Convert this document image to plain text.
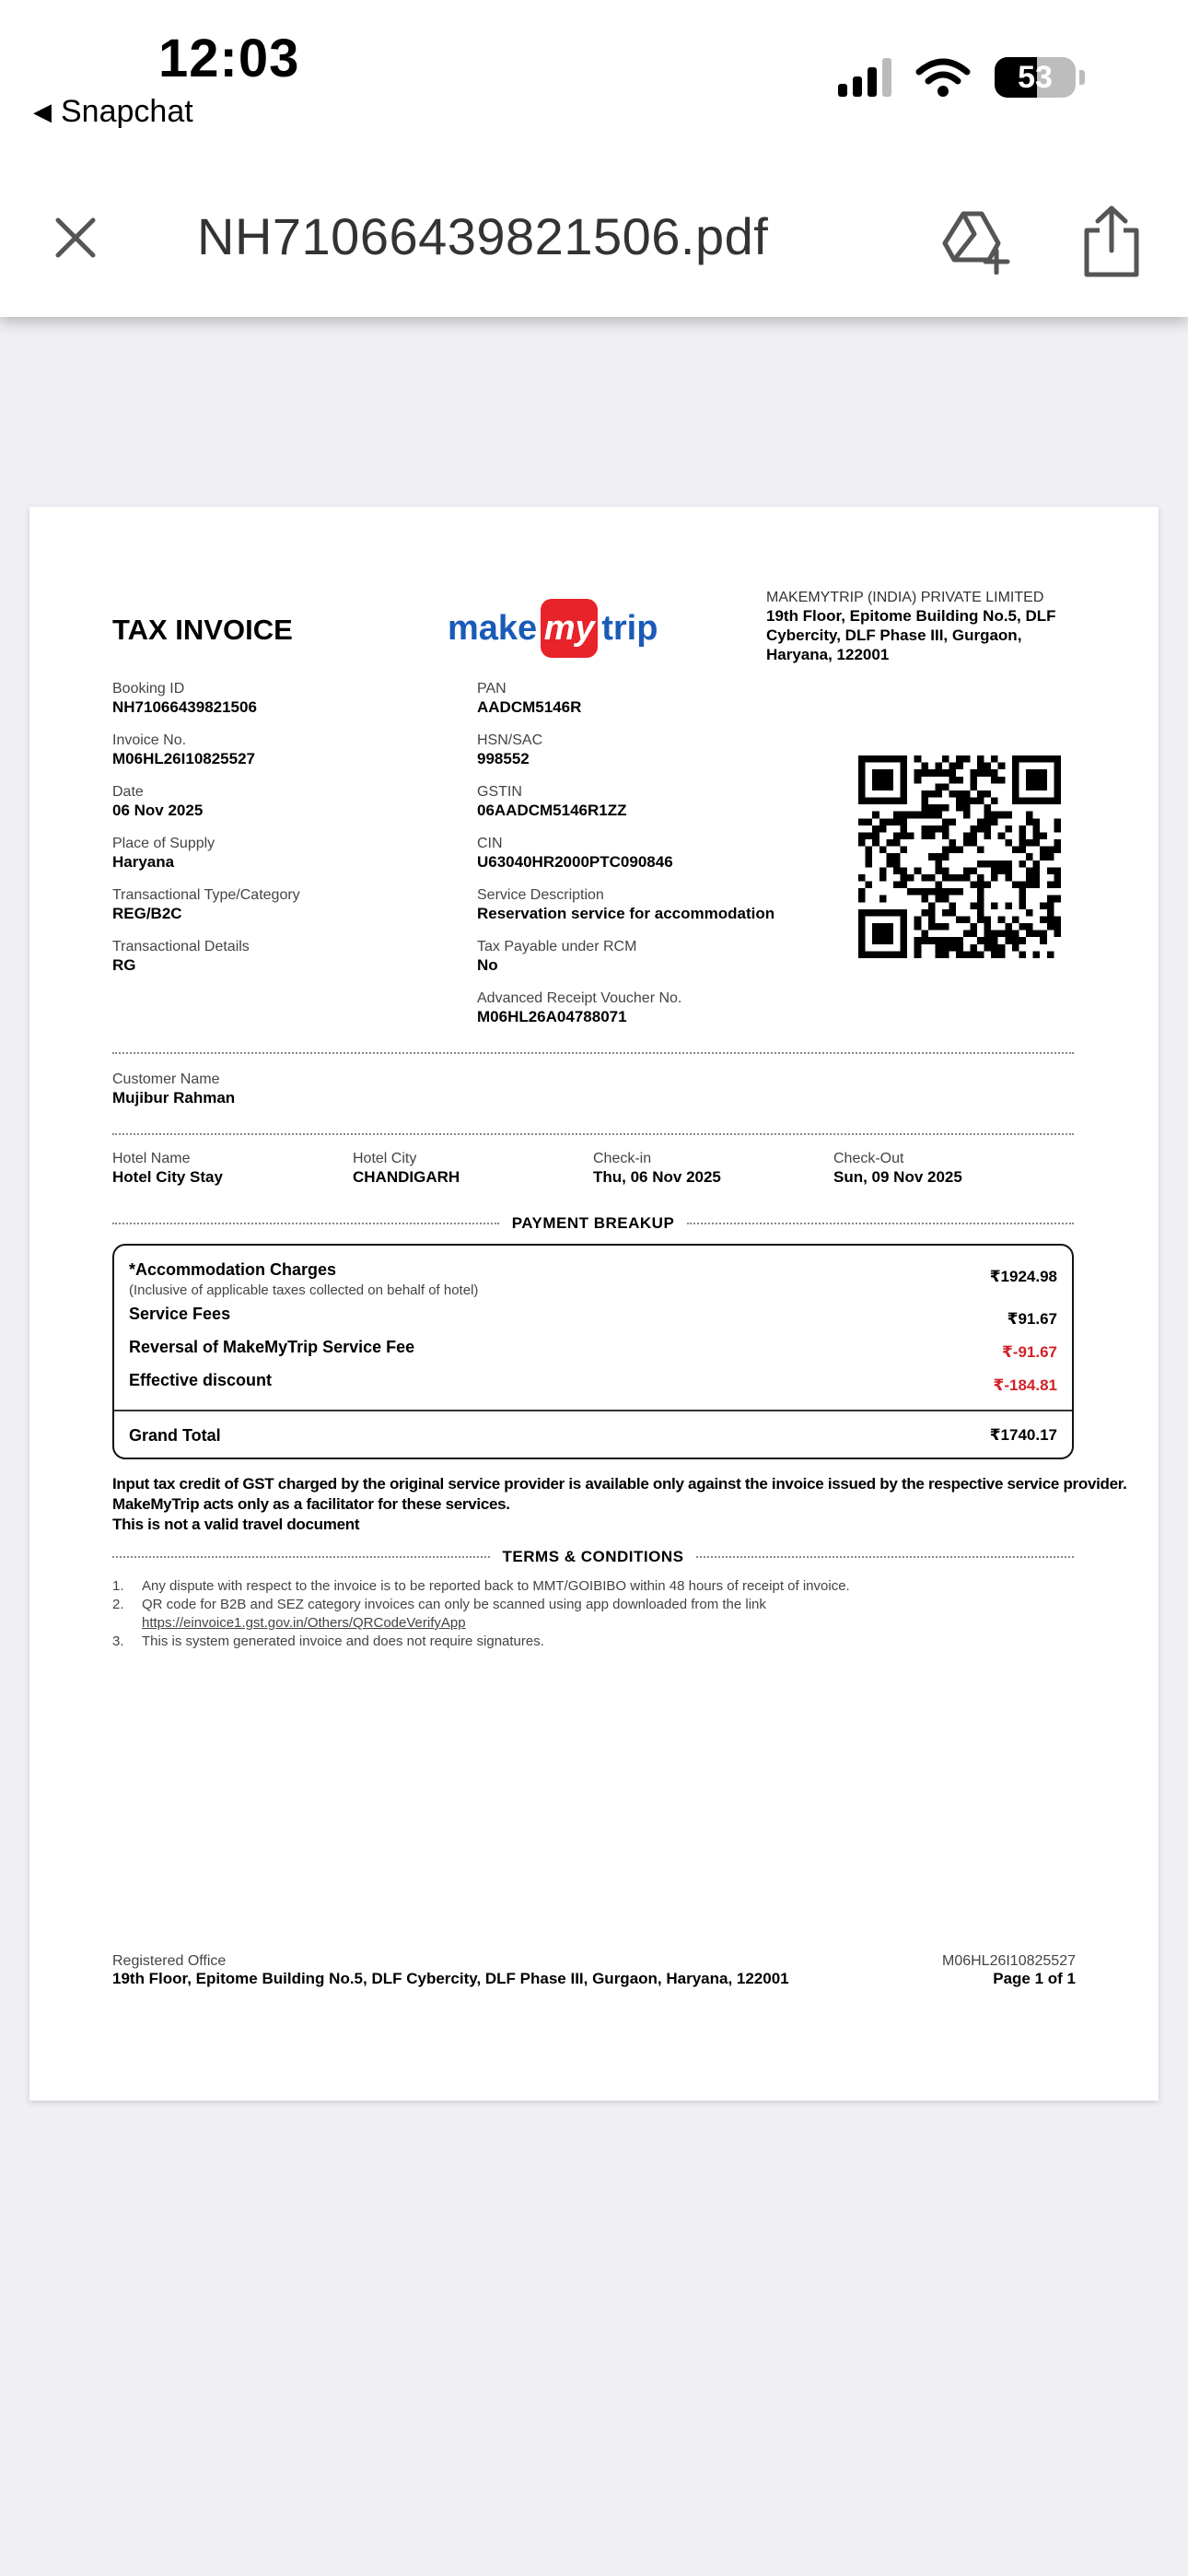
12:03
◀ Snapchat
53
NH71066439821506.pdf
TAX INVOICE	make my trip
MAKEMYTRIP (INDIA) PRIVATE LIMITED
19th Floor, Epitome Building No.5, DLF Cybercity, DLF Phase III, Gurgaon, Haryana, 122001
Booking ID
NH71066439821506
Invoice No.
M06HL26I10825527
Date
06 Nov 2025
Place of Supply
Haryana
Transactional Type/Category
REG/B2C
Transactional Details
RG
PAN
AADCM5146R
HSN/SAC
998552
GSTIN
06AADCM5146R1ZZ
CIN
U63040HR2000PTC090846
Service Description
Reservation service for accommodation
Tax Payable under RCM
No
Advanced Receipt Voucher No.
M06HL26A04788071
Customer Name
Mujibur Rahman
Hotel Name
Hotel City Stay
Hotel City
CHANDIGARH
Check-in
Thu, 06 Nov 2025
Check-Out
Sun, 09 Nov 2025
PAYMENT BREAKUP
*Accommodation Charges	₹1924.98
(Inclusive of applicable taxes collected on behalf of hotel)
Service Fees	₹91.67
Reversal of MakeMyTrip Service Fee	₹-91.67
Effective discount	₹-184.81
Grand Total	₹1740.17
Input tax credit of GST charged by the original service provider is available only against the invoice issued by the respective service provider.
MakeMyTrip acts only as a facilitator for these services.
This is not a valid travel document
TERMS & CONDITIONS
1.	Any dispute with respect to the invoice is to be reported back to MMT/GOIBIBO within 48 hours of receipt of invoice.
2.	QR code for B2B and SEZ category invoices can only be scanned using app downloaded from the link
https://einvoice1.gst.gov.in/Others/QRCodeVerifyApp
3.	This is system generated invoice and does not require signatures.
Registered Office
19th Floor, Epitome Building No.5, DLF Cybercity, DLF Phase III, Gurgaon, Haryana, 122001
M06HL26I10825527
Page 1 of 1
